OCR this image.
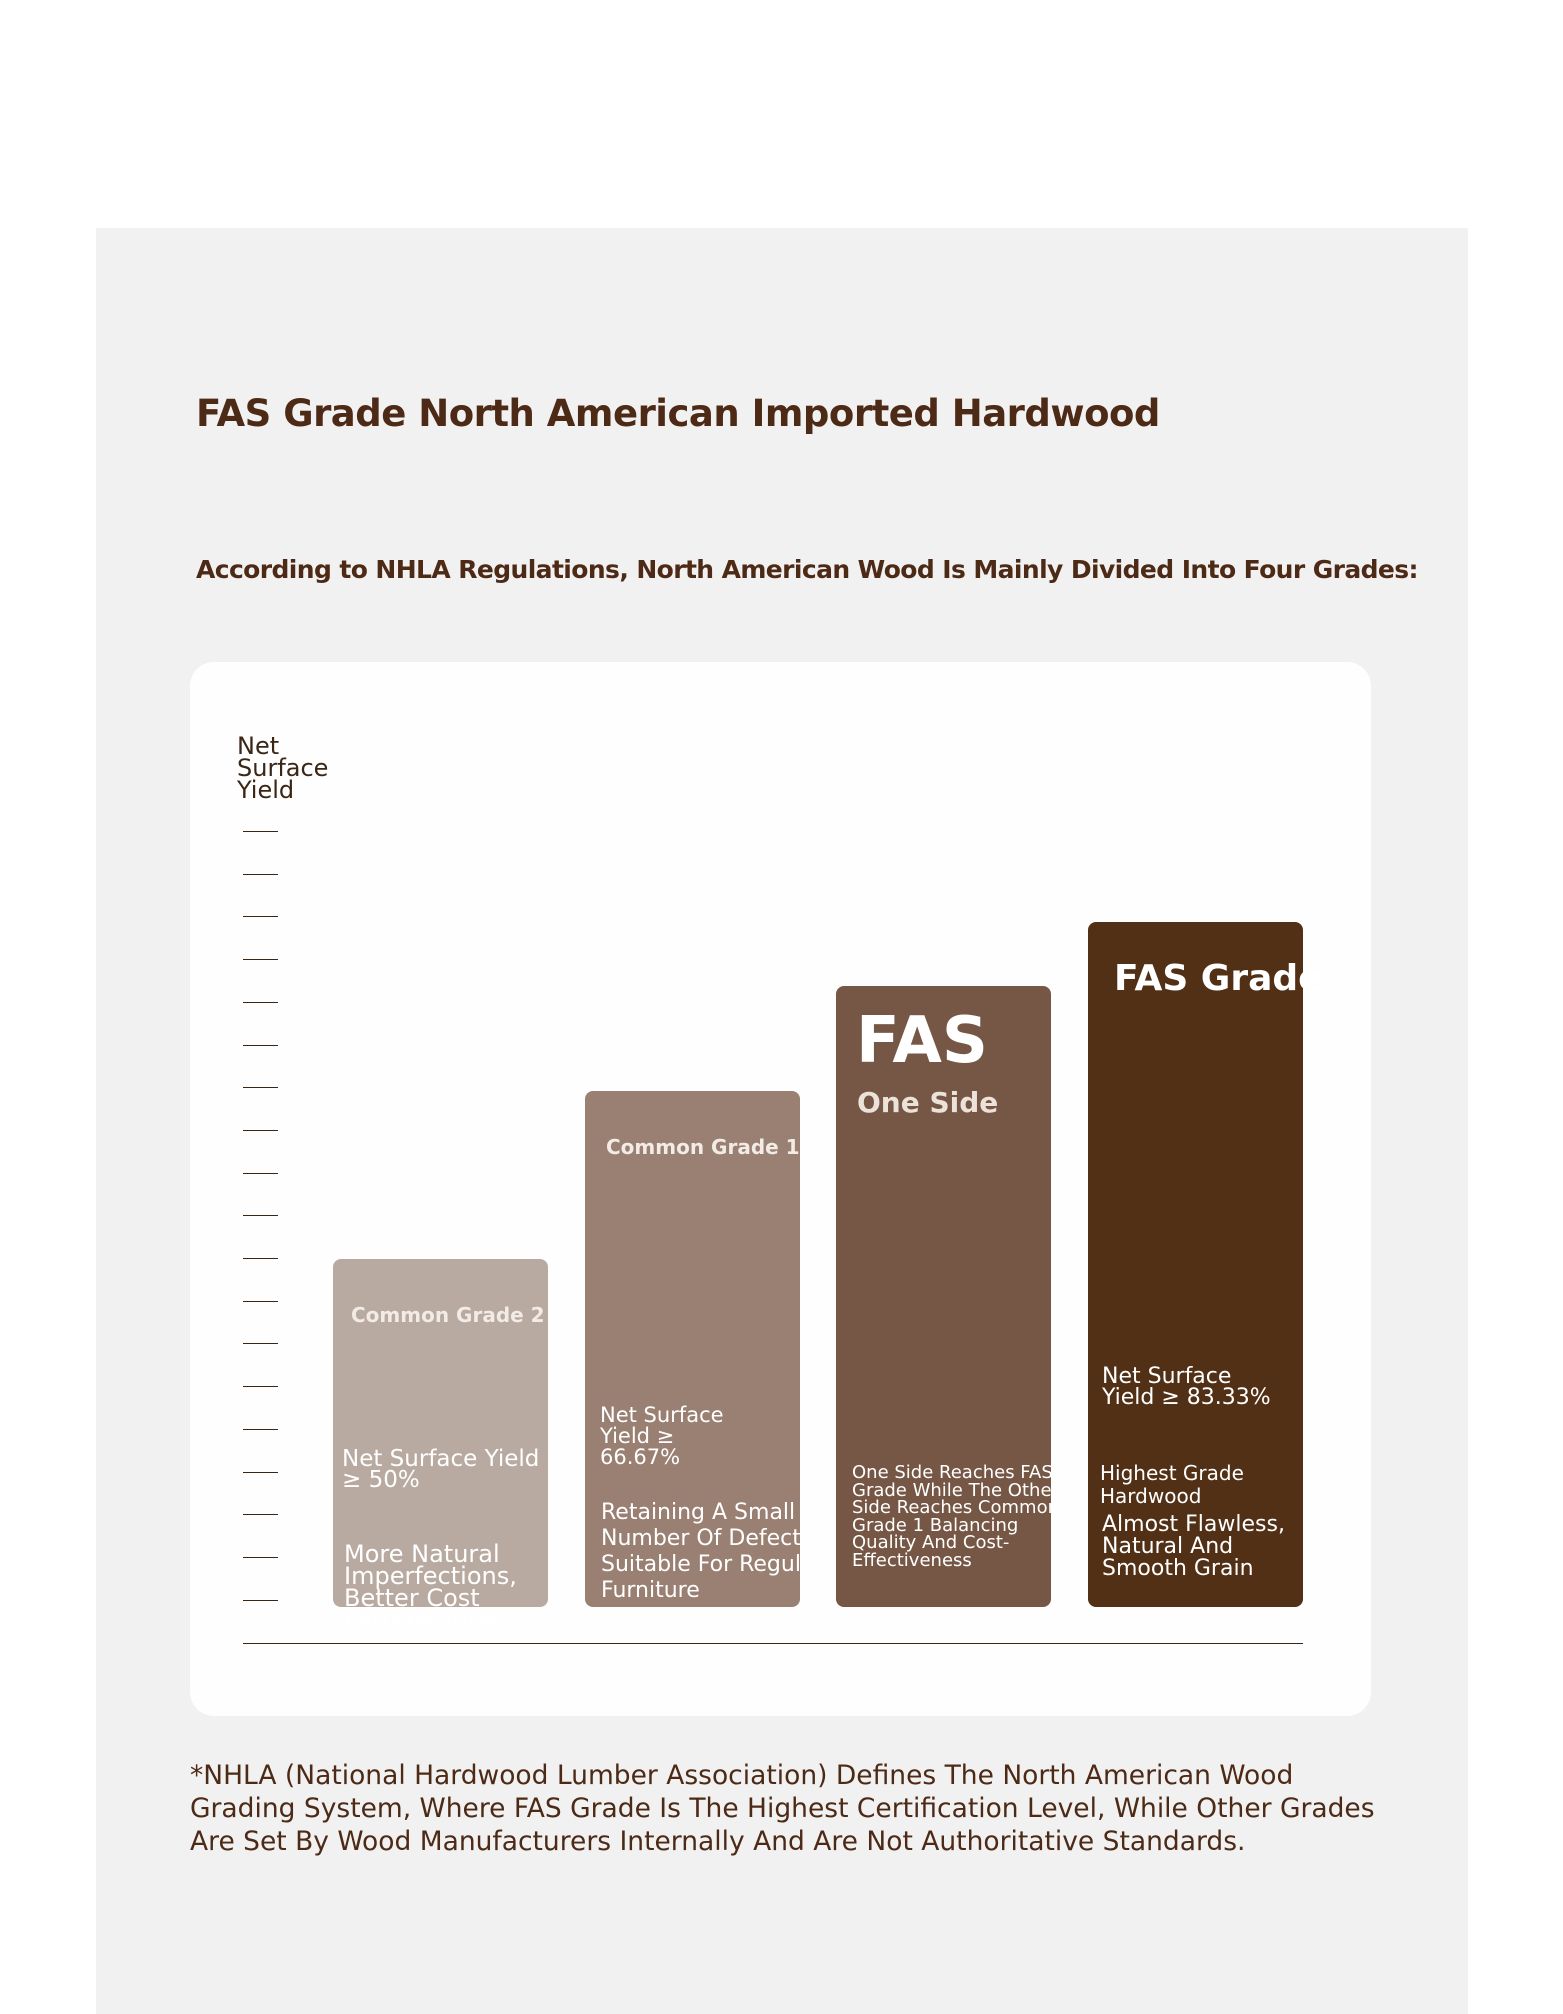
FAS Grade North American Imported Hardwood
According to NHLA Regulations, North American Wood Is Mainly Divided Into Four Grades:
Net Surface Yield
Common Grade 2
Net Surface Yield ≥ 50%
More Natural Imperfections, Better Cost Performance
Common Grade 1
Net Surface Yield ≥ 66.67%
Retaining A Small Number Of Defects Suitable For Regular Furniture
FAS
One Side
One Side Reaches FAS Grade While The Other Side Reaches Common Grade 1 Balancing Quality And Cost-Effectiveness
FAS Grade
Net Surface Yield ≥ 83.33%
Highest Grade Hardwood
Almost Flawless, Natural And Smooth Grain

*NHLA (National Hardwood Lumber Association) Defines The North American Wood Grading System, Where FAS Grade Is The Highest Certification Level, While Other Grades Are Set By Wood Manufacturers Internally And Are Not Authoritative Standards.
